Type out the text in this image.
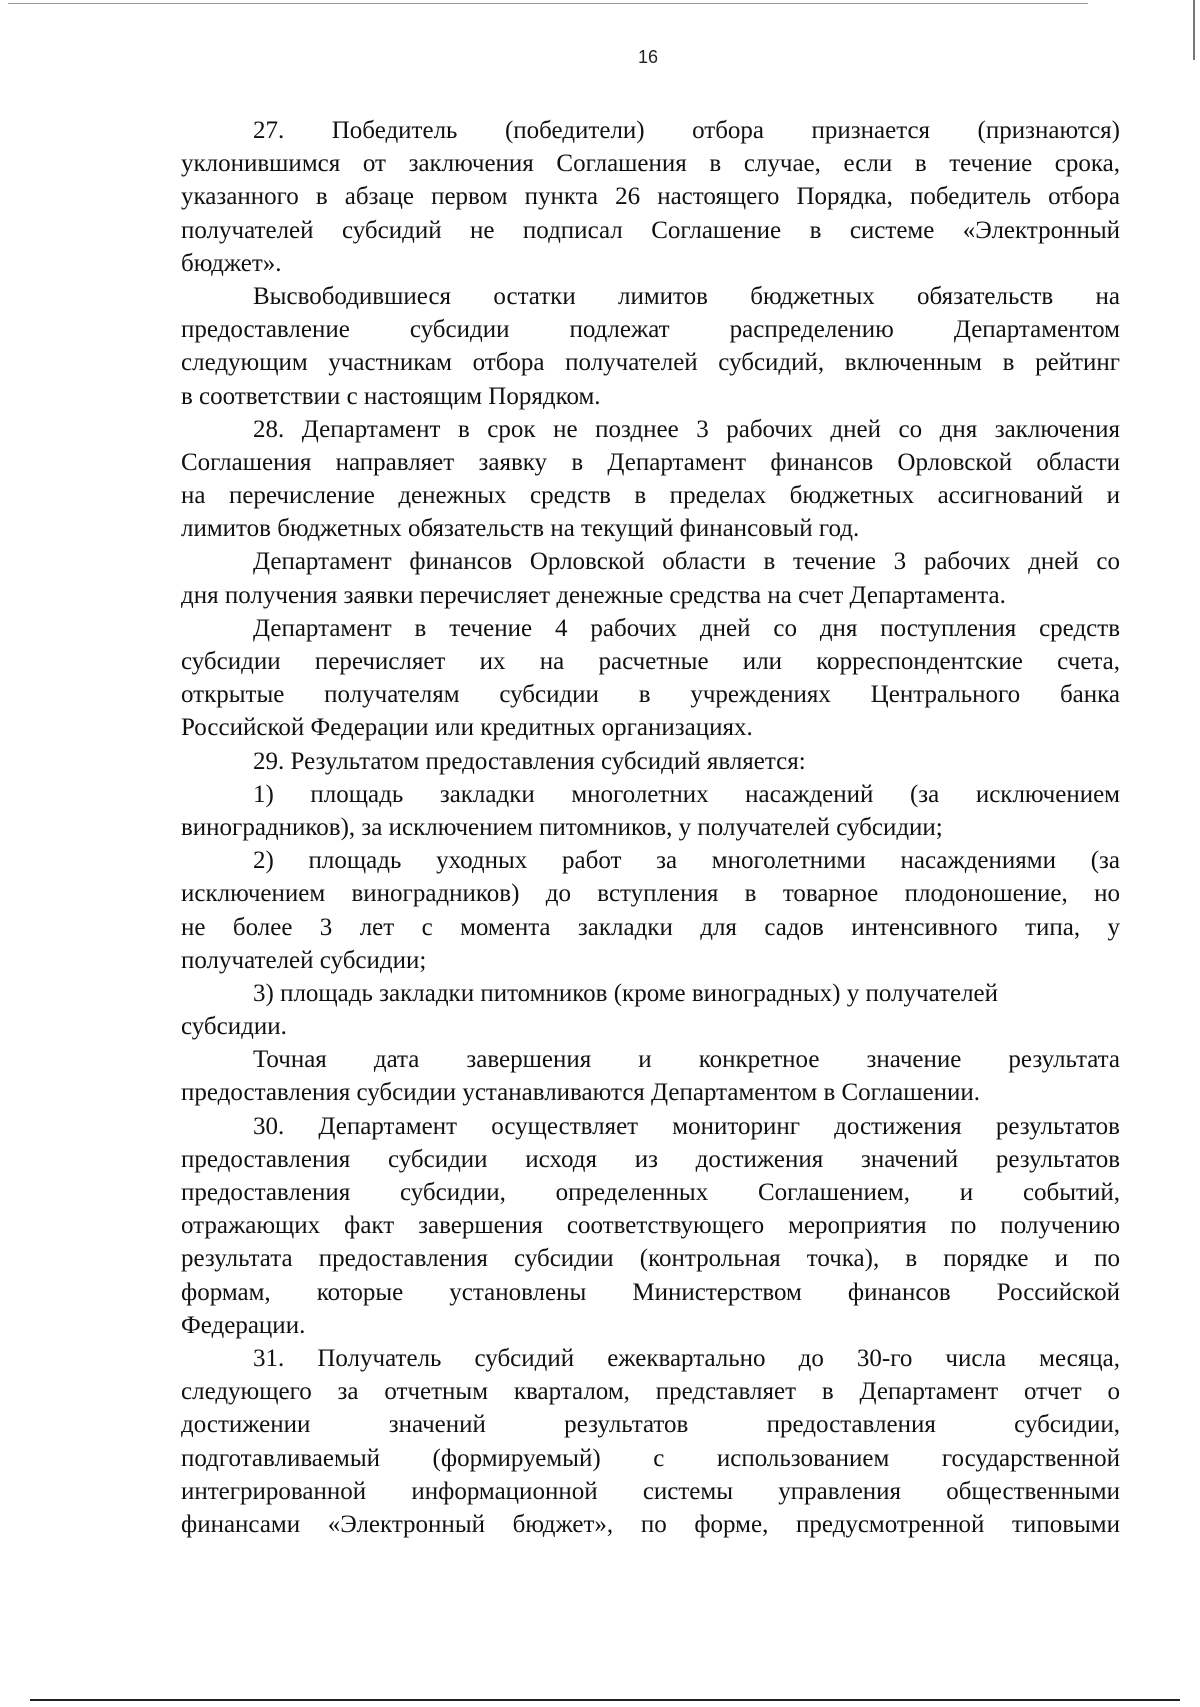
16
27. Победитель (победители) отбора признается (признаются)
уклонившимся от заключения Соглашения в случае, если в течение срока,
указанного в абзаце первом пункта 26 настоящего Порядка, победитель отбора
получателей субсидий не подписал Соглашение в системе «Электронный
бюджет».
Высвободившиеся остатки лимитов бюджетных обязательств на
предоставление субсидии подлежат распределению Департаментом
следующим участникам отбора получателей субсидий, включенным в рейтинг
в соответствии с настоящим Порядком.
28. Департамент в срок не позднее 3 рабочих дней со дня заключения
Соглашения направляет заявку в Департамент финансов Орловской области
на перечисление денежных средств в пределах бюджетных ассигнований и
лимитов бюджетных обязательств на текущий финансовый год.
Департамент финансов Орловской области в течение 3 рабочих дней со
дня получения заявки перечисляет денежные средства на счет Департамента.
Департамент в течение 4 рабочих дней со дня поступления средств
субсидии перечисляет их на расчетные или корреспондентские счета,
открытые получателям субсидии в учреждениях Центрального банка
Российской Федерации или кредитных организациях.
29. Результатом предоставления субсидий является:
1) площадь закладки многолетних насаждений (за исключением
виноградников), за исключением питомников, у получателей субсидии;
2) площадь уходных работ за многолетними насаждениями (за
исключением виноградников) до вступления в товарное плодоношение, но
не более 3 лет с момента закладки для садов интенсивного типа, у
получателей субсидии;
3) площадь закладки питомников (кроме виноградных) у получателей
субсидии.
Точная дата завершения и конкретное значение результата
предоставления субсидии устанавливаются Департаментом в Соглашении.
30. Департамент осуществляет мониторинг достижения результатов
предоставления субсидии исходя из достижения значений результатов
предоставления субсидии, определенных Соглашением, и событий,
отражающих факт завершения соответствующего мероприятия по получению
результата предоставления субсидии (контрольная точка), в порядке и по
формам, которые установлены Министерством финансов Российской
Федерации.
31. Получатель субсидий ежеквартально до 30-го числа месяца,
следующего за отчетным кварталом, представляет в Департамент отчет о
достижении значений результатов предоставления субсидии,
подготавливаемый (формируемый) с использованием государственной
интегрированной информационной системы управления общественными
финансами «Электронный бюджет», по форме, предусмотренной типовыми
